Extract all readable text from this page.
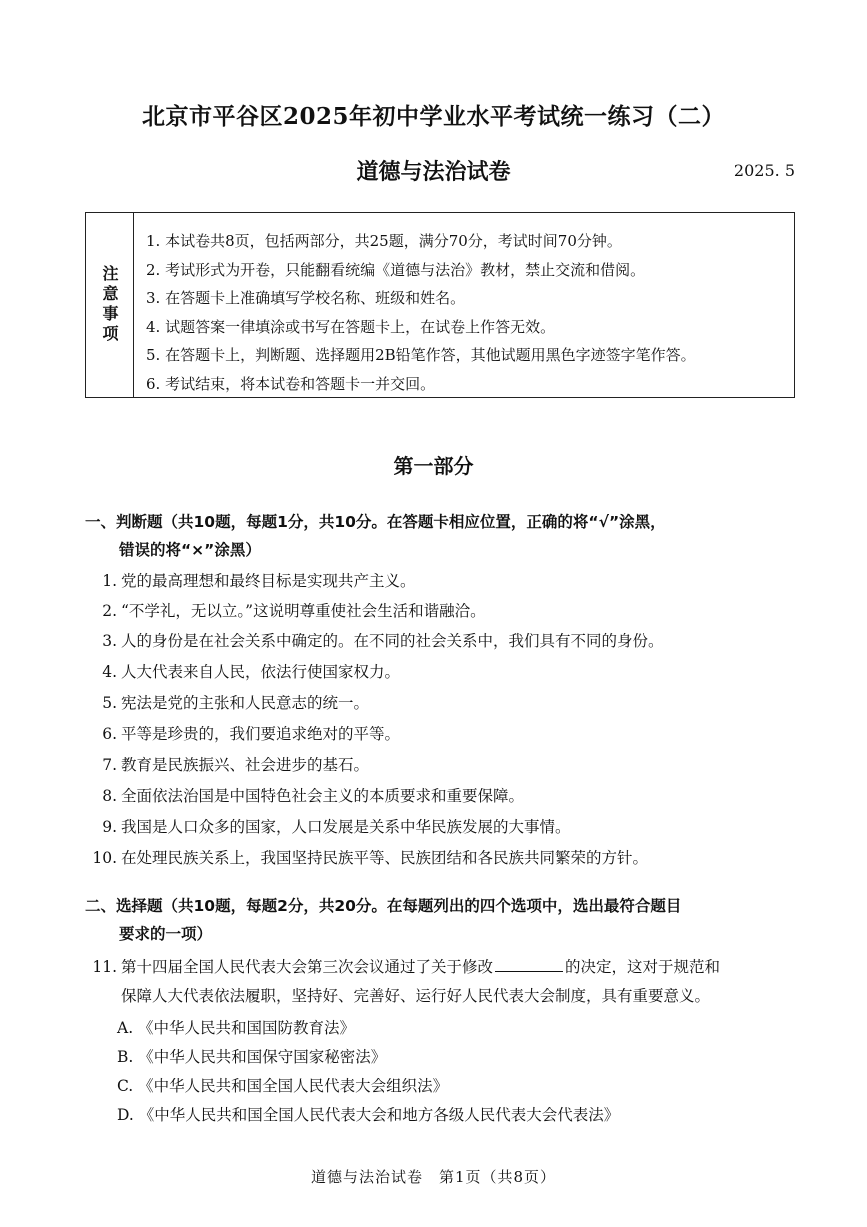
北京市平谷区2025年初中学业水平考试统一练习（二）
道德与法治试卷	2025. 5
注意事项
1. 本试卷共8页，包括两部分，共25题，满分70分，考试时间70分钟。
2. 考试形式为开卷，只能翻看统编《道德与法治》教材，禁止交流和借阅。
3. 在答题卡上准确填写学校名称、班级和姓名。
4. 试题答案一律填涂或书写在答题卡上，在试卷上作答无效。
5. 在答题卡上，判断题、选择题用2B铅笔作答，其他试题用黑色字迹签字笔作答。
6. 考试结束，将本试卷和答题卡一并交回。
第一部分
一、判断题（共10题，每题1分，共10分。在答题卡相应位置，正确的将“√”涂黑，
错误的将“×”涂黑）
1. 党的最高理想和最终目标是实现共产主义。
2. “不学礼，无以立。”这说明尊重使社会生活和谐融洽。
3. 人的身份是在社会关系中确定的。在不同的社会关系中，我们具有不同的身份。
4. 人大代表来自人民，依法行使国家权力。
5. 宪法是党的主张和人民意志的统一。
6. 平等是珍贵的，我们要追求绝对的平等。
7. 教育是民族振兴、社会进步的基石。
8. 全面依法治国是中国特色社会主义的本质要求和重要保障。
9. 我国是人口众多的国家，人口发展是关系中华民族发展的大事情。
10. 在处理民族关系上，我国坚持民族平等、民族团结和各民族共同繁荣的方针。
二、选择题（共10题，每题2分，共20分。在每题列出的四个选项中，选出最符合题目
要求的一项）
11. 第十四届全国人民代表大会第三次会议通过了关于修改	的决定，这对于规范和
保障人大代表依法履职，坚持好、完善好、运行好人民代表大会制度，具有重要意义。
A. 《中华人民共和国国防教育法》
B. 《中华人民共和国保守国家秘密法》
C. 《中华人民共和国全国人民代表大会组织法》
D. 《中华人民共和国全国人民代表大会和地方各级人民代表大会代表法》
道德与法治试卷　第1页（共8页）
